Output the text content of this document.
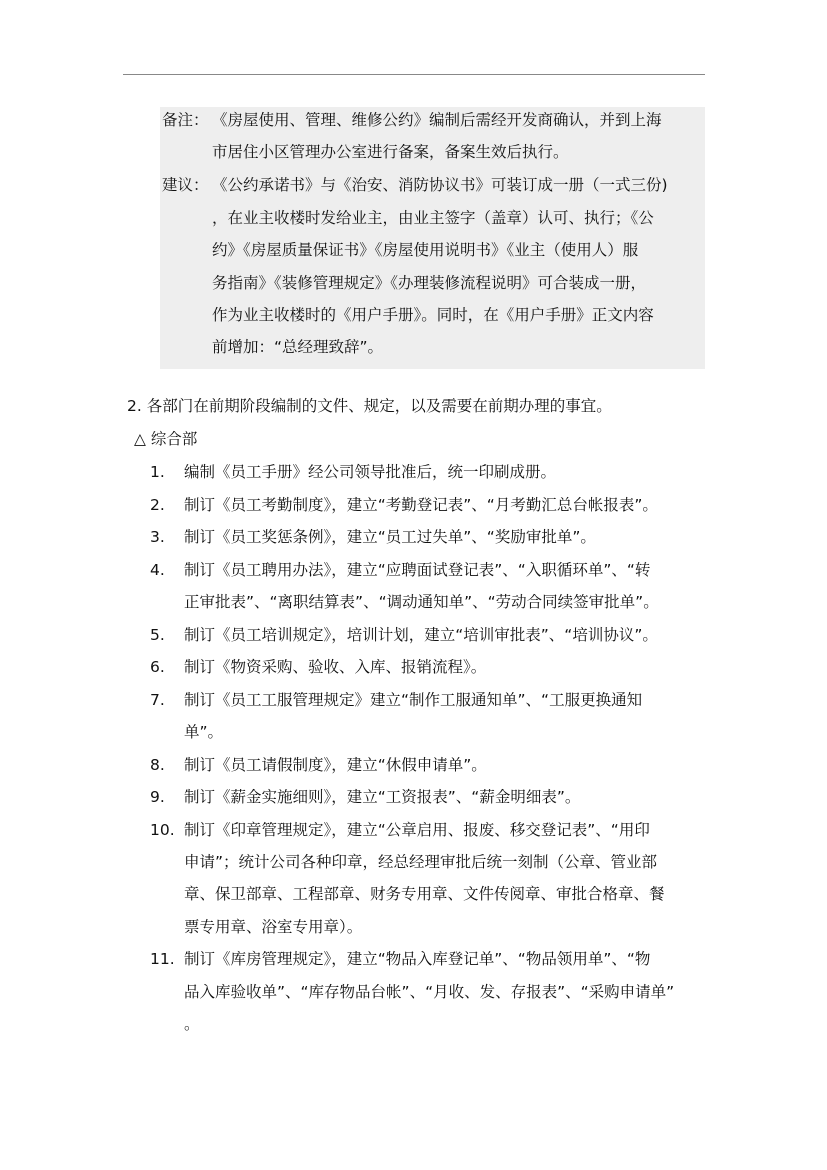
备注： 《房屋使用、管理、维修公约》编制后需经开发商确认，并到上海
市居住小区管理办公室进行备案，备案生效后执行。
建议： 《公约承诺书》与《治安、消防协议书》可装订成一册（一式三份)
，在业主收楼时发给业主，由业主签字（盖章）认可、执行；《公
约》《房屋质量保证书》《房屋使用说明书》《业主（使用人）服
务指南》《装修管理规定》《办理装修流程说明》可合装成一册，
作为业主收楼时的《用户手册》。同时，在《用户手册》正文内容
前增加：“总经理致辞”。
2. 各部门在前期阶段编制的文件、规定，以及需要在前期办理的事宜。
△ 综合部
1. 编制《员工手册》经公司领导批准后，统一印刷成册。
2. 制订《员工考勤制度》，建立“考勤登记表”、“月考勤汇总台帐报表”。
3. 制订《员工奖惩条例》，建立“员工过失单”、“奖励审批单”。
4. 制订《员工聘用办法》，建立“应聘面试登记表”、“入职循环单”、“转
正审批表”、“离职结算表”、“调动通知单”、“劳动合同续签审批单”。
5. 制订《员工培训规定》，培训计划，建立“培训审批表”、“培训协议”。
6. 制订《物资采购、验收、入库、报销流程》。
7. 制订《员工工服管理规定》建立“制作工服通知单”、“工服更换通知
单”。
8. 制订《员工请假制度》，建立“休假申请单”。
9. 制订《薪金实施细则》，建立“工资报表”、“薪金明细表”。
10. 制订《印章管理规定》，建立“公章启用、报废、移交登记表”、“用印
申请”；统计公司各种印章，经总经理审批后统一刻制（公章、管业部
章、保卫部章、工程部章、财务专用章、文件传阅章、审批合格章、餐
票专用章、浴室专用章）。
11. 制订《库房管理规定》，建立“物品入库登记单”、“物品领用单”、“物
品入库验收单”、“库存物品台帐”、“月收、发、存报表”、“采购申请单”
。
